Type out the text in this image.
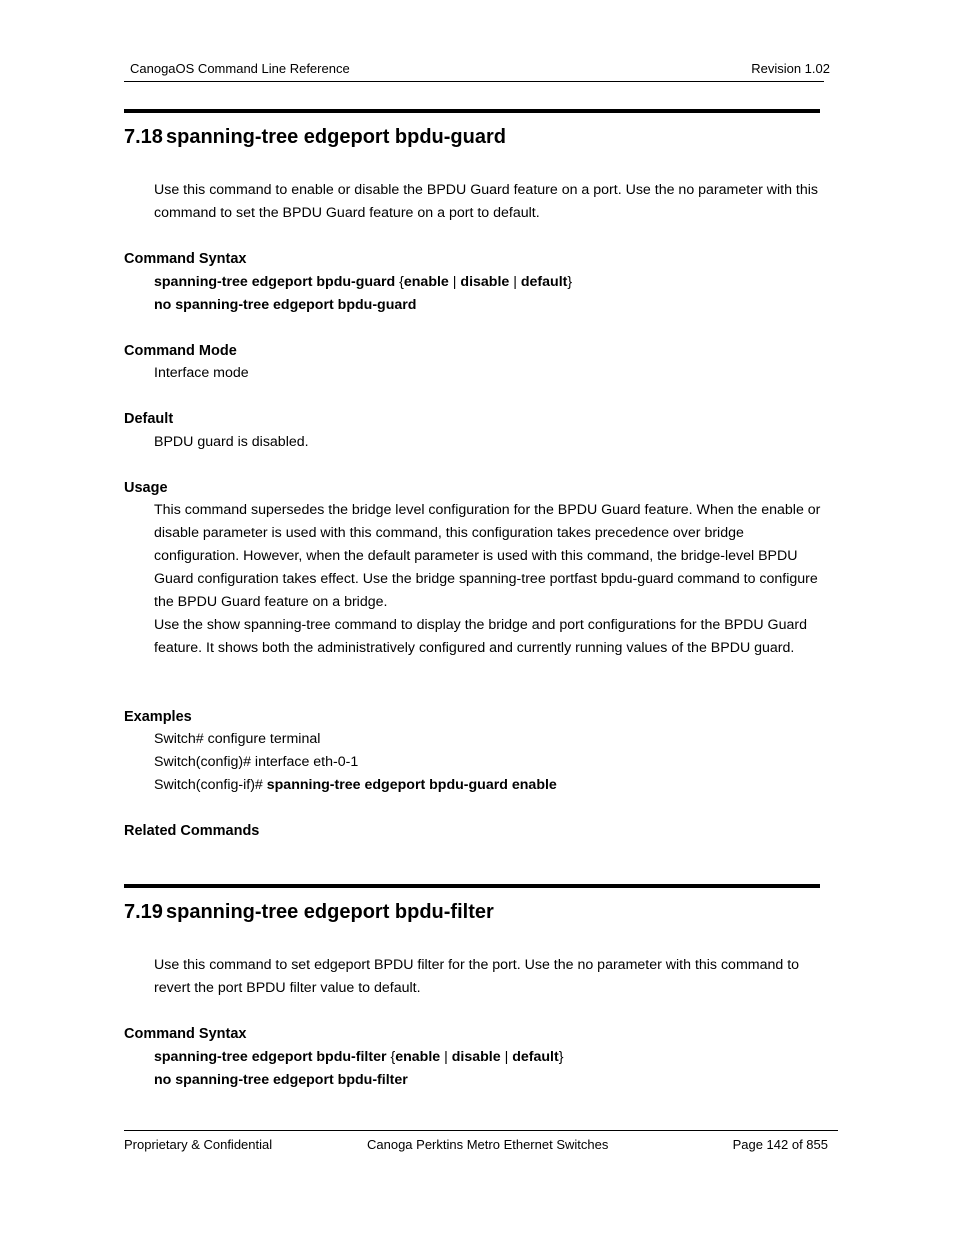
CanogaOS Command Line Reference	Revision 1.02
7.18 spanning-tree edgeport bpdu-guard

Use this command to enable or disable the BPDU Guard feature on a port. Use the no parameter with this command to set the BPDU Guard feature on a port to default.

Command Syntax
spanning-tree edgeport bpdu-guard {enable | disable | default}
no spanning-tree edgeport bpdu-guard
Command Mode
Interface mode
Default
BPDU guard is disabled.
Usage

This command supersedes the bridge level configuration for the BPDU Guard feature. When the enable or disable parameter is used with this command, this configuration takes precedence over bridge configuration. However, when the default parameter is used with this command, the bridge-level BPDU Guard configuration takes effect. Use the bridge spanning-tree portfast bpdu-guard command to configure the BPDU Guard feature on a bridge.

Use the show spanning-tree command to display the bridge and port configurations for the BPDU Guard feature. It shows both the administratively configured and currently running values of the BPDU guard.

Examples
Switch# configure terminal
Switch(config)# interface eth-0-1
Switch(config-if)# spanning-tree edgeport bpdu-guard enable
Related Commands
7.19 spanning-tree edgeport bpdu-filter

Use this command to set edgeport BPDU filter for the port. Use the no parameter with this command to revert the port BPDU filter value to default.

Command Syntax
spanning-tree edgeport bpdu-filter {enable | disable | default}
no spanning-tree edgeport bpdu-filter
Proprietary & Confidential	Canoga Perktins Metro Ethernet Switches	Page 142 of 855
